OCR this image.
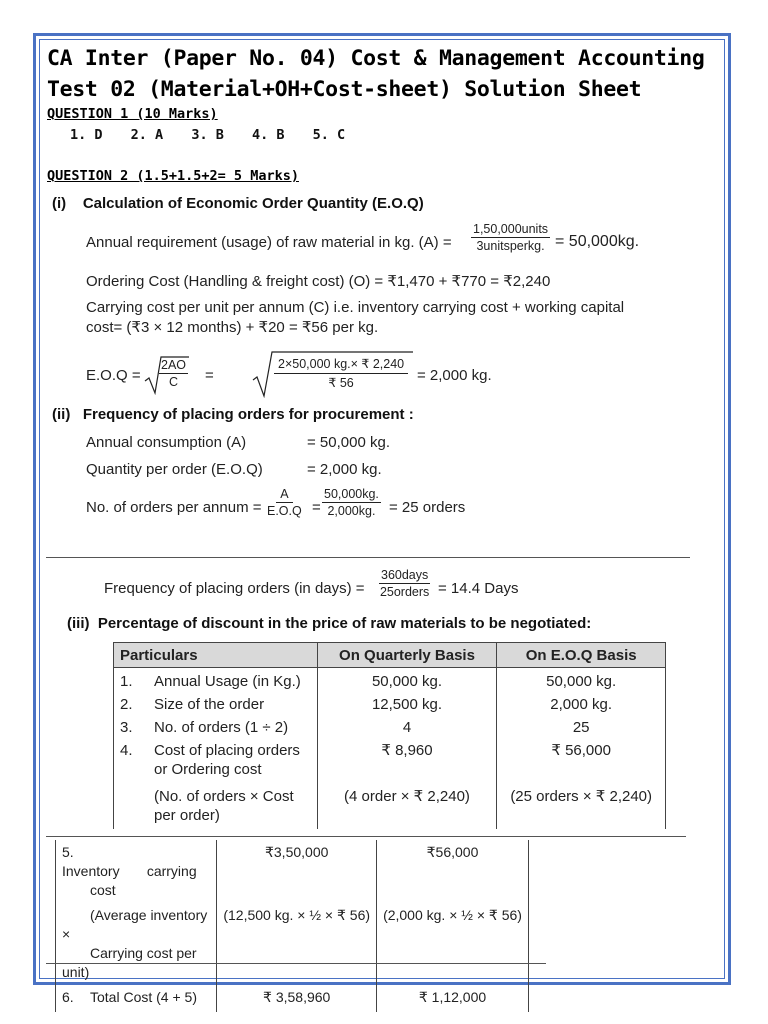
CA Inter (Paper No. 04) Cost & Management Accounting
Test 02 (Material+OH+Cost-sheet) Solution Sheet
QUESTION 1 (10 Marks)
1. D 2. A 3. B 4. B 5. C
QUESTION 2 (1.5+1.5+2= 5 Marks)
(i)    Calculation of Economic Order Quantity (E.O.Q)
Annual requirement (usage) of raw material in kg. (A) =
1,50,000units
3unitsperkg. = 50,000kg.
Ordering Cost (Handling & freight cost) (O) = ₹1,470 + ₹770 = ₹2,240
Carrying cost per unit per annum (C) i.e. inventory carrying cost + working capital
cost= (₹3 × 12 months) + ₹20 = ₹56 per kg.
$E.O.Q = \frac{2AO}{C}$ =	$\frac{2\times 50,000 kg.\times ₹ 2,240}{₹ 56} = 2,000$ kg.
(ii)   Frequency of placing orders for procurement :
Annual consumption (A)	= 50,000 kg.
Quantity per order (E.O.Q)	= 2,000 kg.
No. of orders per annum = $\frac{A}{E.O.Q} = \frac{50,000kg.}{2,000kg.} = 25$ orders
Frequency of placing orders (in days) =
360days
25orders = 14.4 Days
(iii)  Percentage of discount in the price of raw materials to be negotiated:
Particulars	On Quarterly Basis	On E.O.Q Basis
1. Annual Usage (in Kg.)	50,000 kg.	50,000 kg.
2. Size of the order	12,500 kg.	2,000 kg.
3. No. of orders (1 ÷ 2)	4	25
4. Cost of placing orders
or Ordering cost	₹ 8,960	₹ 56,000
(No. of orders × Cost
per order)	(4 order × ₹ 2,240)	(25 orders × ₹ 2,240)
5.Inventory       carrying
cost	₹3,50,000	₹56,000
(Average inventory ×
Carrying cost per unit)	(12,500 kg. × ½ × ₹ 56)	(2,000 kg. × ½ × ₹ 56)
6. Total Cost (4 + 5)	₹ 3,58,960	₹ 1,12,000
